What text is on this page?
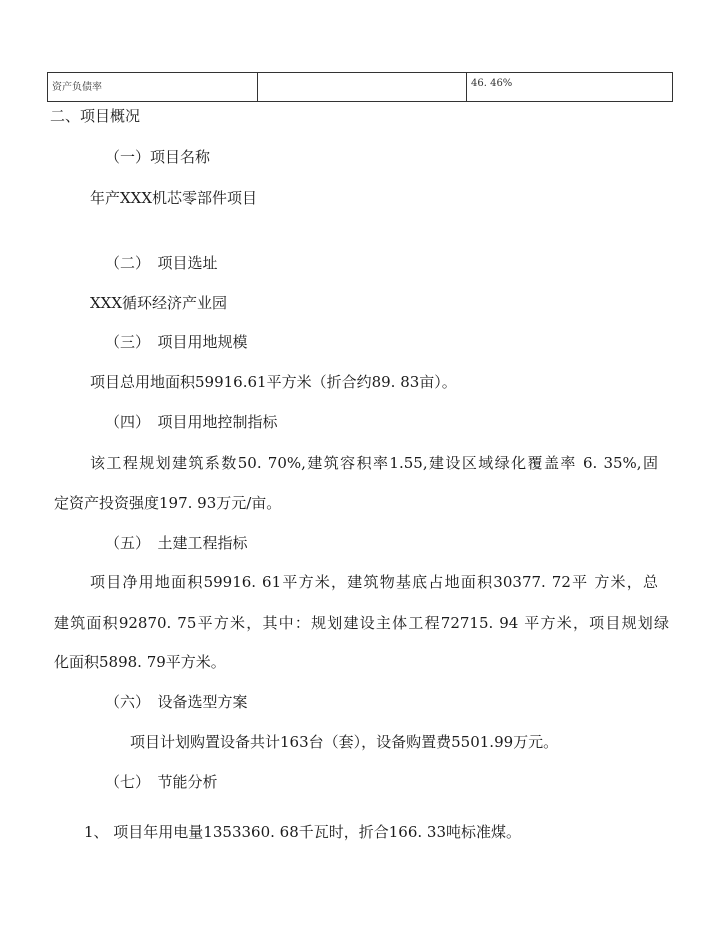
资产负债率		46. 46%
二、项目概况
（一）项目名称
年产XXX机芯零部件项目
（二）　项目选址
XXX循环经济产业园
（三）　项目用地规模
项目总用地面积59916.61平方米（折合约89. 83亩）。
（四）　项目用地控制指标
该工程规划建筑系数50. 70%,建筑容积率1.55,建设区域绿化覆盖率 6. 35%,固
定资产投资强度197. 93万元/亩。
（五）　土建工程指标
项目净用地面积59916. 61平方米，建筑物基底占地面积30377. 72平 方米，总
建筑面积92870. 75平方米，其中：规划建设主体工程72715. 94 平方米，项目规划绿
化面积5898. 79平方米。
（六）　设备选型方案
项目计划购置设备共计163台（套），设备购置费5501.99万元。
（七）　节能分析
1、 项目年用电量1353360. 68千瓦时，折合166. 33吨标准煤。
